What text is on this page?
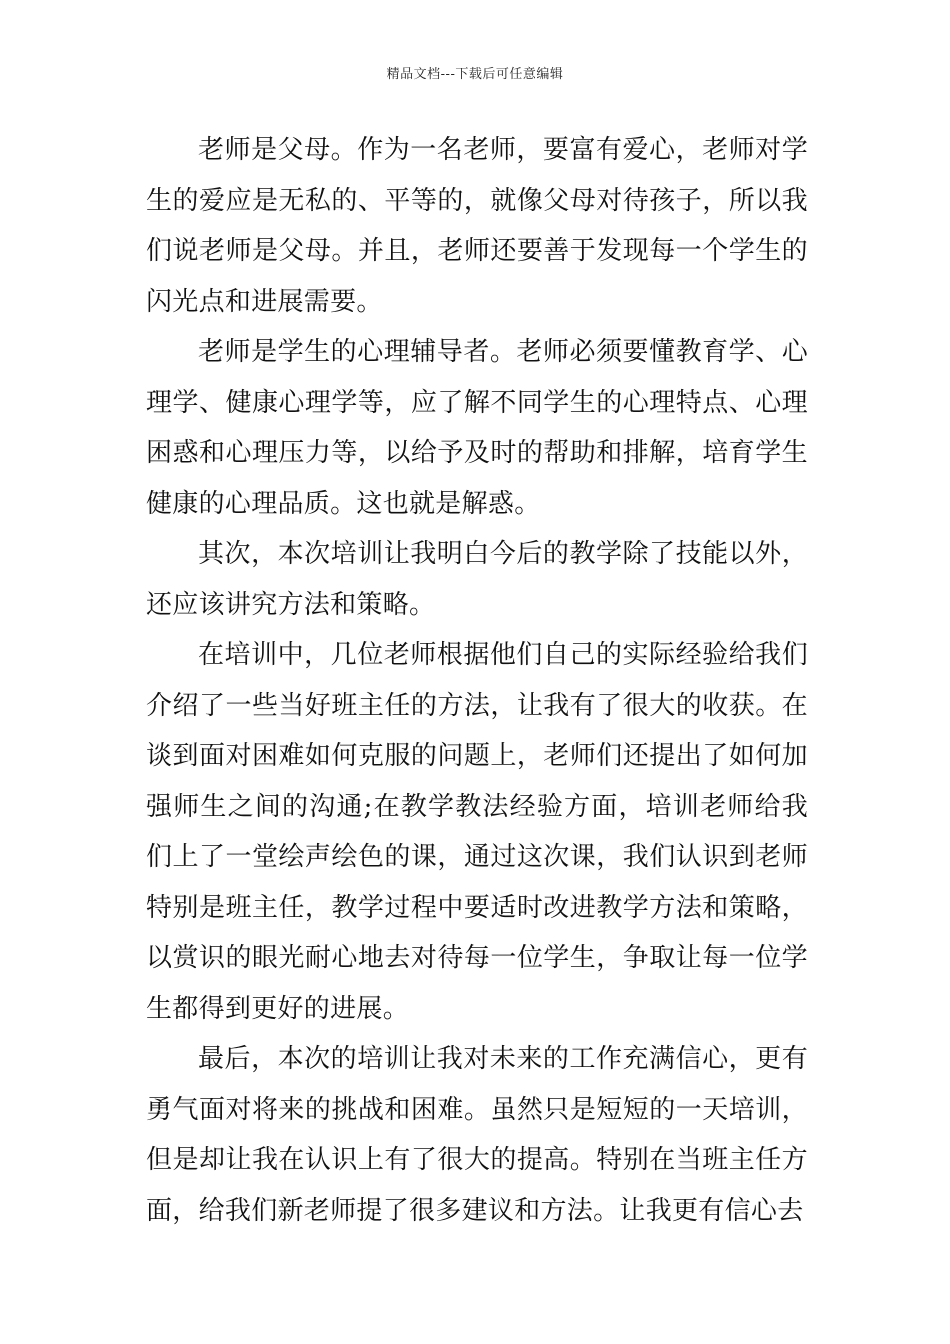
精品文档---下载后可任意编辑

老师是父母。作为一名老师，要富有爱心，老师对学生的爱应是无私的、平等的，就像父母对待孩子，所以我们说老师是父母。并且，老师还要善于发现每一个学生的闪光点和进展需要。

老师是学生的心理辅导者。老师必须要懂教育学、心理学、健康心理学等，应了解不同学生的心理特点、心理困惑和心理压力等，以给予及时的帮助和排解，培育学生健康的心理品质。这也就是解惑。

其次，本次培训让我明白今后的教学除了技能以外，还应该讲究方法和策略。

在培训中，几位老师根据他们自己的实际经验给我们介绍了一些当好班主任的方法，让我有了很大的收获。在谈到面对困难如何克服的问题上，老师们还提出了如何加强师生之间的沟通;在教学教法经验方面，培训老师给我们上了一堂绘声绘色的课，通过这次课，我们认识到老师特别是班主任，教学过程中要适时改进教学方法和策略，以赏识的眼光耐心地去对待每一位学生，争取让每一位学生都得到更好的进展。

最后，本次的培训让我对未来的工作充满信心，更有勇气面对将来的挑战和困难。虽然只是短短的一天培训，但是却让我在认识上有了很大的提高。特别在当班主任方面，给我们新老师提了很多建议和方法。让我更有信心去
